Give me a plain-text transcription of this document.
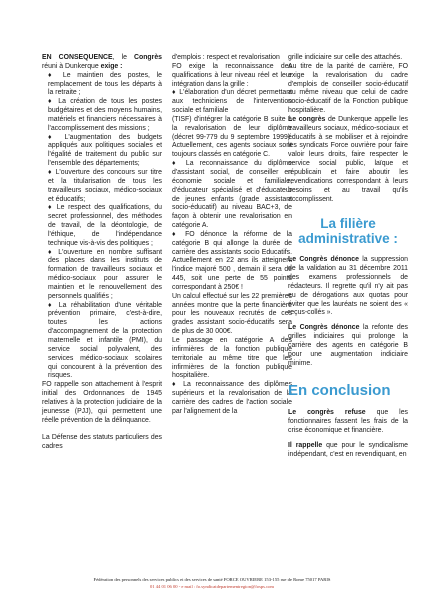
EN CONSEQUENCE, le Congrès réuni à Dunkerque exige :

♦ Le maintien des postes, le remplacement de tous les départs à la retraite ;

♦ La création de tous les postes budgétaires et des moyens humains, matériels et financiers nécessaires à l'accomplissement des missions ;

♦ L'augmentation des budgets appliqués aux politiques sociales et l'égalité de traitement du public sur l'ensemble des départements;

♦ L'ouverture des concours sur titre et la titularisation de tous les travailleurs sociaux, médico-sociaux et éducatifs;

♦ Le respect des qualifications, du secret professionnel, des méthodes de travail, de la déontologie, de l'éthique, de l'indépendance technique vis-à-vis des politiques ;

♦ L'ouverture en nombre suffisant des places dans les instituts de formation de travailleurs sociaux et médico-sociaux pour assurer le maintien et le renouvellement des personnels qualifiés ;

♦ La réhabilitation d'une véritable prévention primaire, c'est-à-dire, toutes les actions d'accompagnement de la protection maternelle et infantile (PMI), du service social polyvalent, des services médico-sociaux scolaires qui concourent à la prévention des risques.

FO rappelle son attachement à l'esprit initial des Ordonnances de 1945 relatives à la protection judiciaire de la jeunesse (PJJ), qui permettent une réelle prévention de la délinquance.

La Défense des statuts particuliers des cadres

d'emplois : respect et revalorisation

FO exige la reconnaissance des qualifications à leur niveau réel et leur intégration dans la grille :

♦ L'élaboration d'un décret permettant aux techniciens de l'intervention sociale et familiale

(TISF) d'intégrer la catégorie B suite à la revalorisation de leur diplôme (décret 99-779 du 9 septembre 1999). Actuellement, ces agents sociaux sont toujours classés en catégorie C.

♦ La reconnaissance du diplôme d'assistant social, de conseiller en économie sociale et familiale, d'éducateur spécialisé et d'éducateur de jeunes enfants (grade assistant socio-éducatif) au niveau BAC+3, de façon à obtenir une revalorisation en catégorie A.

♦ FO dénonce la réforme de la catégorie B qui allonge la durée de carrière des assistants socio Educatifs. Actuellement en 22 ans ils atteignent l'indice majoré 500 , demain il sera de 445, soit une perte de 55 points correspondant à 250€ !

Un calcul effectué sur les 22 premières années montre que la perte financière pour les nouveaux recrutés de ces grades assistant socio-éducatifs sera de plus de 30 000€.

Le passage en catégorie A des infirmières de la fonction publique territoriale au même titre que les infirmières de la fonction publique hospitalière.

♦ La reconnaissance des diplômes supérieurs et la revalorisation de la carrière des cadres de l'action sociale par l'alignement de la

grille indiciaire sur celle des attachés.

Au titre de la parité de carrière, FO exige la revalorisation du cadre d'emplois de conseiller socio-éducatif au même niveau que celui de cadre socio-éducatif de la Fonction publique hospitalière.

Le congrès de Dunkerque appelle les travailleurs sociaux, médico-sociaux et éducatifs à se mobiliser et à rejoindre les syndicats Force ouvrière pour faire valoir leurs droits, faire respecter le service social public, laïque et républicain et faire aboutir les revendications correspondant à leurs besoins et au travail qu'ils accomplissent.

La filière
administrative :

Le Congrès dénonce la suppression de la validation au 31 décembre 2011 des examens professionnels de rédacteurs. Il regrette qu'il n'y ait pas eu de dérogations aux quotas pour éviter que les lauréats ne soient des « reçus-collés ».

Le Congrès dénonce la refonte des grilles indiciaires qui prolonge la carrière des agents en catégorie B pour une augmentation indiciaire minime.

En conclusion

Le congrès refuse que les fonctionnaires fassent les frais de la crise économique et financière.

Il rappelle que pour le syndicalisme indépendant, c'est en revendiquant, en

Fédération des personnels des services publics et des services de santé FORCE OUVRIERE 153-155 rue de Rome 75017 PARIS
01 44 01 06 00 - e mail : fo.syndicatdepartementregion@fosps.com
